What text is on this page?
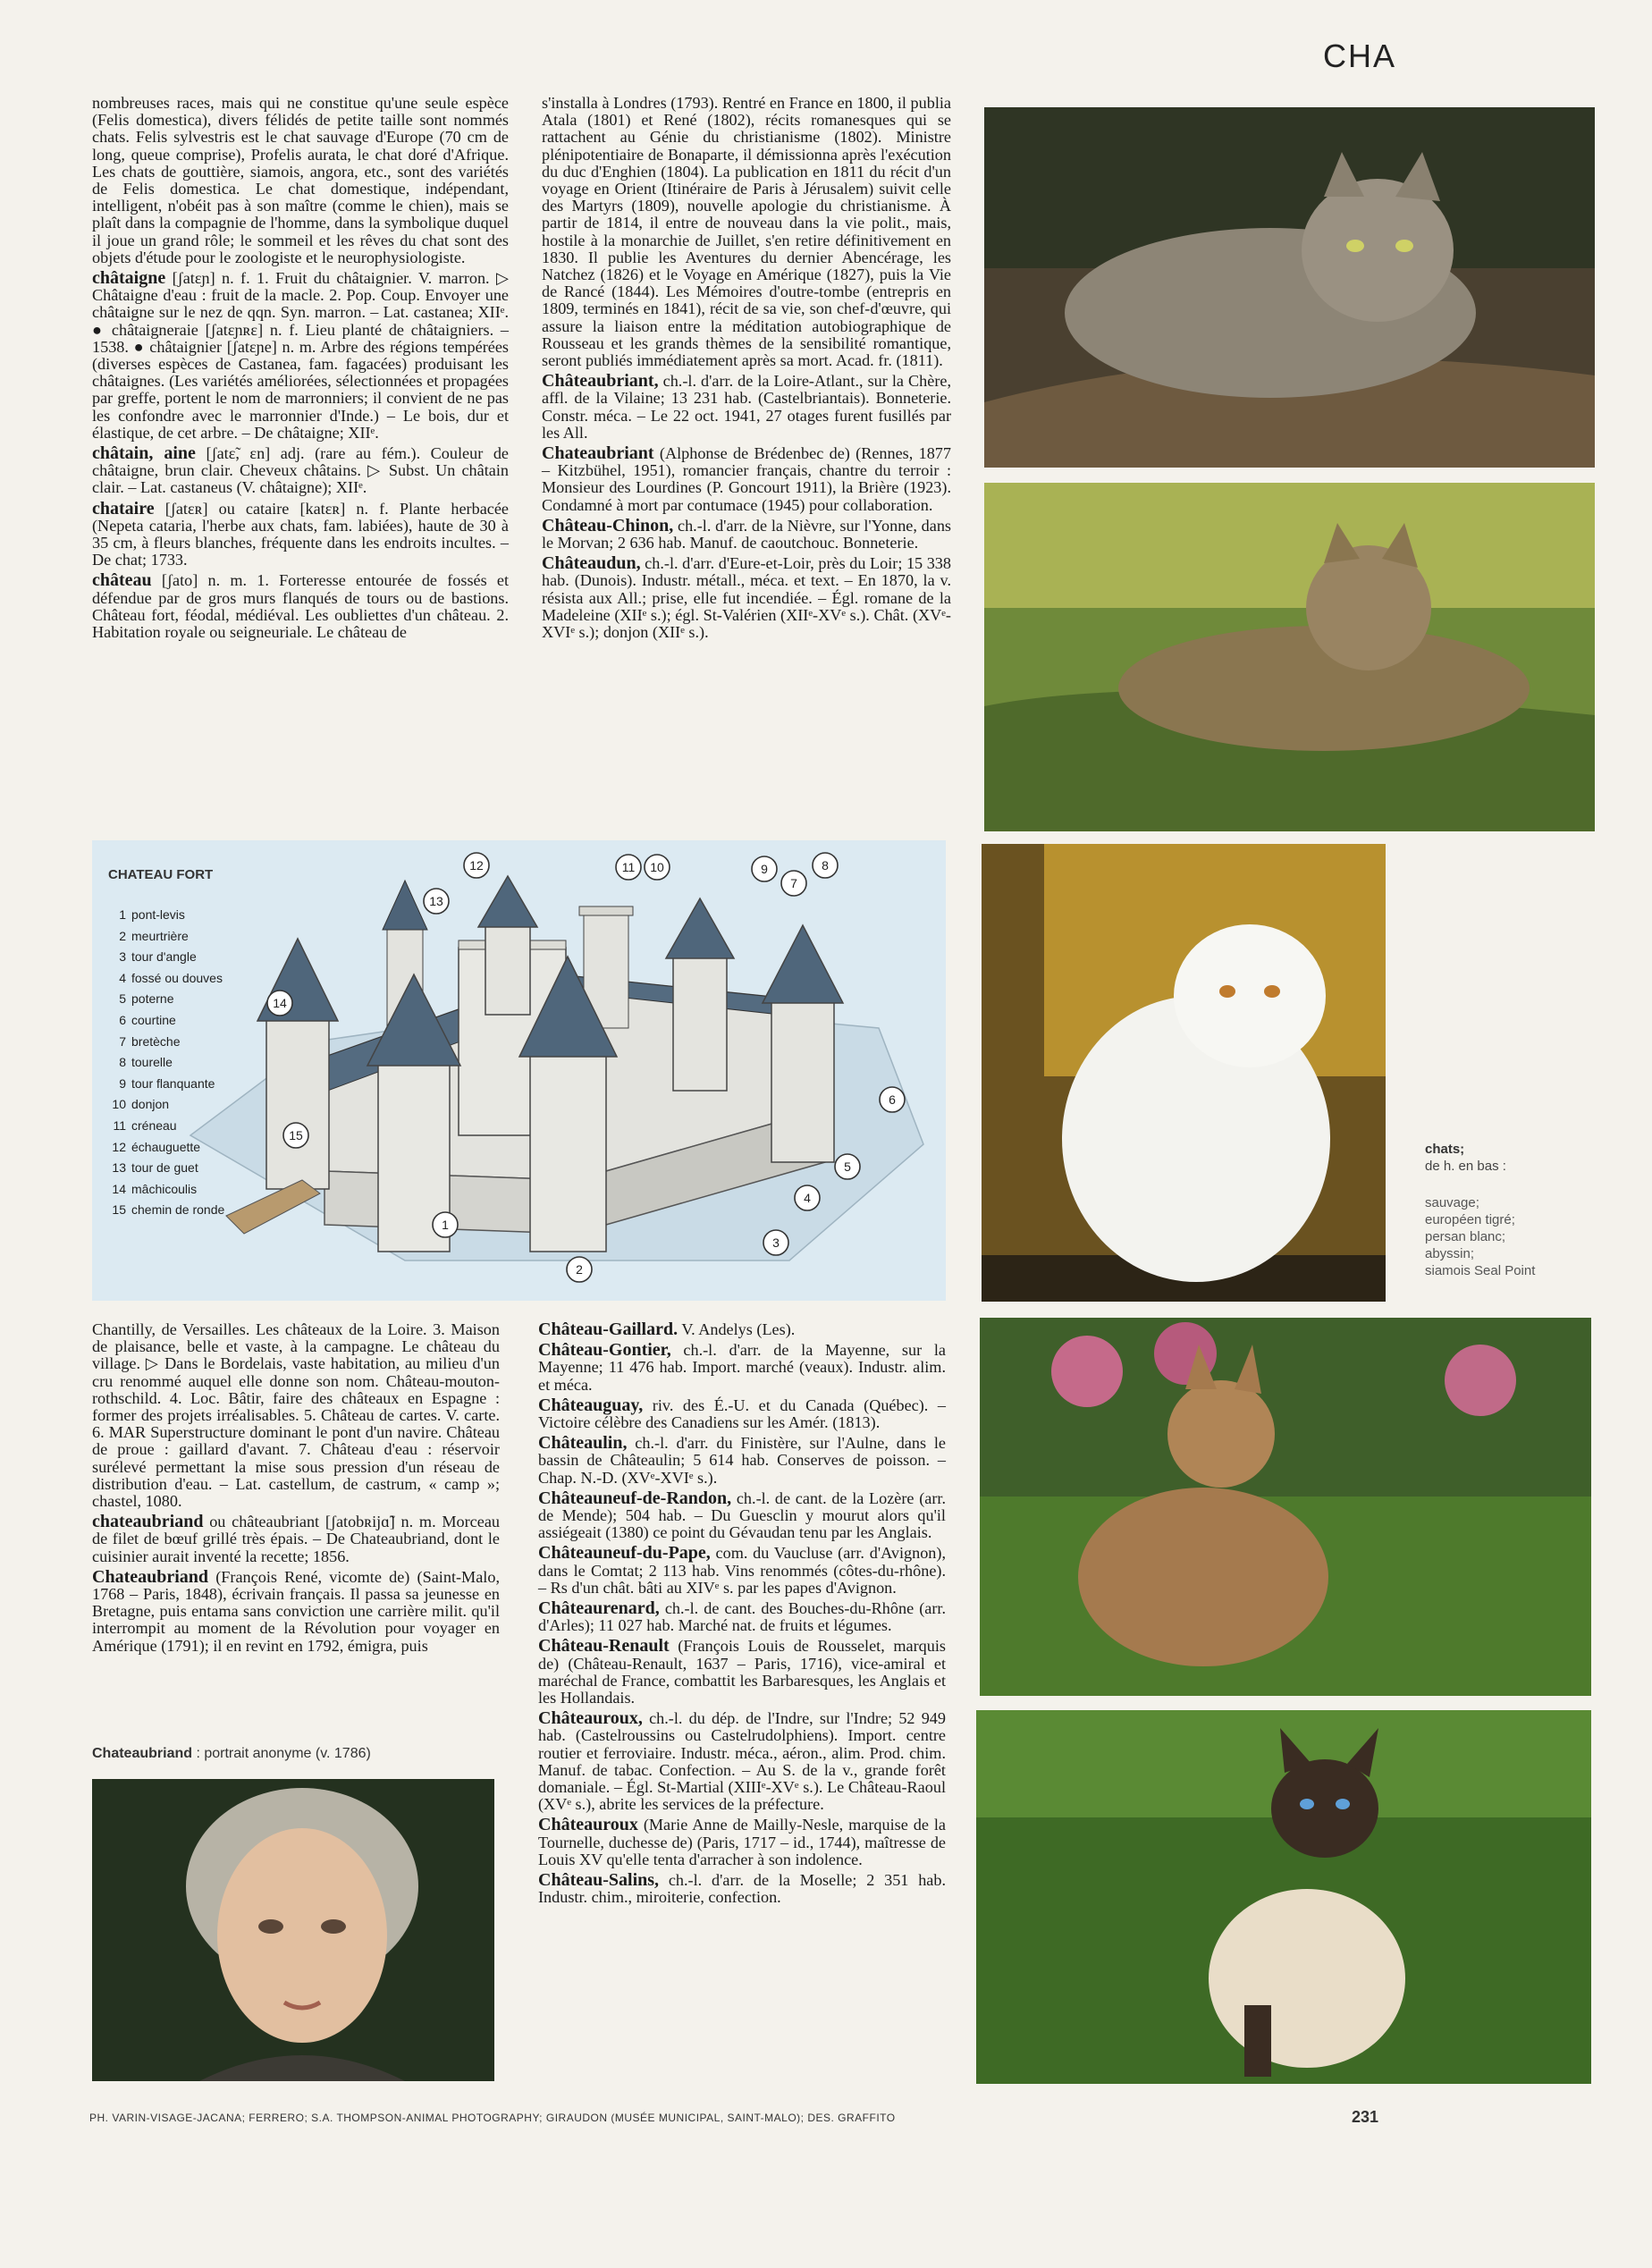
CHA

nombreuses races, mais qui ne constitue qu'une seule espèce (Felis domestica), divers félidés de petite taille sont nommés chats. Felis sylvestris est le chat sauvage d'Europe (70 cm de long, queue comprise), Profelis aurata, le chat doré d'Afrique. Les chats de gouttière, siamois, angora, etc., sont des variétés de Felis domestica. Le chat domestique, indépendant, intelligent, n'obéit pas à son maître (comme le chien), mais se plaît dans la compagnie de l'homme, dans la symbolique duquel il joue un grand rôle; le sommeil et les rêves du chat sont des objets d'étude pour le zoologiste et le neurophysiologiste.

châtaigne [ʃatɛɲ] n. f. 1. Fruit du châtaignier. V. marron. ▷ Châtaigne d'eau : fruit de la macle. 2. Pop. Coup. Envoyer une châtaigne sur le nez de qqn. Syn. marron. – Lat. castanea; XIIᵉ. ● châtaigneraie [ʃatɛɲʀɛ] n. f. Lieu planté de châtaigniers. – 1538. ● châtaignier [ʃatɛɲe] n. m. Arbre des régions tempérées (diverses espèces de Castanea, fam. fagacées) produisant les châtaignes. (Les variétés améliorées, sélectionnées et propagées par greffe, portent le nom de marronniers; il convient de ne pas les confondre avec le marronnier d'Inde.) – Le bois, dur et élastique, de cet arbre. – De châtaigne; XIIᵉ.

châtain, aine [ʃatɛ̃, ɛn] adj. (rare au fém.). Couleur de châtaigne, brun clair. Cheveux châtains. ▷ Subst. Un châtain clair. – Lat. castaneus (V. châtaigne); XIIᵉ.

chataire [ʃatɛʀ] ou cataire [katɛʀ] n. f. Plante herbacée (Nepeta cataria, l'herbe aux chats, fam. labiées), haute de 30 à 35 cm, à fleurs blanches, fréquente dans les endroits incultes. – De chat; 1733.

château [ʃato] n. m. 1. Forteresse entourée de fossés et défendue par de gros murs flanqués de tours ou de bastions. Château fort, féodal, médiéval. Les oubliettes d'un château. 2. Habitation royale ou seigneuriale. Le château de

s'installa à Londres (1793). Rentré en France en 1800, il publia Atala (1801) et René (1802), récits romanesques qui se rattachent au Génie du christianisme (1802). Ministre plénipotentiaire de Bonaparte, il démissionna après l'exécution du duc d'Enghien (1804). La publication en 1811 du récit d'un voyage en Orient (Itinéraire de Paris à Jérusalem) suivit celle des Martyrs (1809), nouvelle apologie du christianisme. À partir de 1814, il entre de nouveau dans la vie polit., mais, hostile à la monarchie de Juillet, s'en retire définitivement en 1830. Il publie les Aventures du dernier Abencérage, les Natchez (1826) et le Voyage en Amérique (1827), puis la Vie de Rancé (1844). Les Mémoires d'outre-tombe (entrepris en 1809, terminés en 1841), récit de sa vie, son chef-d'œuvre, qui assure la liaison entre la méditation autobiographique de Rousseau et les grands thèmes de la sensibilité romantique, seront publiés immédiatement après sa mort. Acad. fr. (1811).

Châteaubriant, ch.-l. d'arr. de la Loire-Atlant., sur la Chère, affl. de la Vilaine; 13 231 hab. (Castelbriantais). Bonneterie. Constr. méca. – Le 22 oct. 1941, 27 otages furent fusillés par les All.

Chateaubriant (Alphonse de Brédenbec de) (Rennes, 1877 – Kitzbühel, 1951), romancier français, chantre du terroir : Monsieur des Lourdines (P. Goncourt 1911), la Brière (1923). Condamné à mort par contumace (1945) pour collaboration.

Château-Chinon, ch.-l. d'arr. de la Nièvre, sur l'Yonne, dans le Morvan; 2 636 hab. Manuf. de caoutchouc. Bonneterie.

Châteaudun, ch.-l. d'arr. d'Eure-et-Loir, près du Loir; 15 338 hab. (Dunois). Industr. métall., méca. et text. – En 1870, la v. résista aux All.; prise, elle fut incendiée. – Égl. romane de la Madeleine (XIIᵉ s.); égl. St-Valérien (XIIᵉ-XVᵉ s.). Chât. (XVᵉ-XVIᵉ s.); donjon (XIIᵉ s.).

CHATEAU FORT
1 pont-levis
2 meurtrière
3 tour d'angle
4 fossé ou douves
5 poterne
6 courtine
7 bretèche
8 tourelle
9 tour flanquante
10 donjon
11 créneau
12 échauguette
13 tour de guet
14 mâchicoulis
15 chemin de ronde
1
2
3
4
5
6
7
8
9
10
11
12
13
14
15

Chantilly, de Versailles. Les châteaux de la Loire. 3. Maison de plaisance, belle et vaste, à la campagne. Le château du village. ▷ Dans le Bordelais, vaste habitation, au milieu d'un cru renommé auquel elle donne son nom. Château-mouton-rothschild. 4. Loc. Bâtir, faire des châteaux en Espagne : former des projets irréalisables. 5. Château de cartes. V. carte. 6. MAR Superstructure dominant le pont d'un navire. Château de proue : gaillard d'avant. 7. Château d'eau : réservoir surélevé permettant la mise sous pression d'un réseau de distribution d'eau. – Lat. castellum, de castrum, « camp »; chastel, 1080.

chateaubriand ou châteaubriant [ʃatobʀijɑ̃] n. m. Morceau de filet de bœuf grillé très épais. – De Chateaubriand, dont le cuisinier aurait inventé la recette; 1856.

Chateaubriand (François René, vicomte de) (Saint-Malo, 1768 – Paris, 1848), écrivain français. Il passa sa jeunesse en Bretagne, puis entama sans conviction une carrière milit. qu'il interrompit au moment de la Révolution pour voyager en Amérique (1791); il en revint en 1792, émigra, puis

Chateaubriand : portrait anonyme (v. 1786)

Château-Gaillard. V. Andelys (Les).

Château-Gontier, ch.-l. d'arr. de la Mayenne, sur la Mayenne; 11 476 hab. Import. marché (veaux). Industr. alim. et méca.

Châteauguay, riv. des É.-U. et du Canada (Québec). – Victoire célèbre des Canadiens sur les Amér. (1813).

Châteaulin, ch.-l. d'arr. du Finistère, sur l'Aulne, dans le bassin de Châteaulin; 5 614 hab. Conserves de poisson. – Chap. N.-D. (XVᵉ-XVIᵉ s.).

Châteauneuf-de-Randon, ch.-l. de cant. de la Lozère (arr. de Mende); 504 hab. – Du Guesclin y mourut alors qu'il assiégeait (1380) ce point du Gévaudan tenu par les Anglais.

Châteauneuf-du-Pape, com. du Vaucluse (arr. d'Avignon), dans le Comtat; 2 113 hab. Vins renommés (côtes-du-rhône). – Rs d'un chât. bâti au XIVᵉ s. par les papes d'Avignon.

Châteaurenard, ch.-l. de cant. des Bouches-du-Rhône (arr. d'Arles); 11 027 hab. Marché nat. de fruits et légumes.

Château-Renault (François Louis de Rousselet, marquis de) (Château-Renault, 1637 – Paris, 1716), vice-amiral et maréchal de France, combattit les Barbaresques, les Anglais et les Hollandais.

Châteauroux, ch.-l. du dép. de l'Indre, sur l'Indre; 52 949 hab. (Castelroussins ou Castelrudolphiens). Import. centre routier et ferroviaire. Industr. méca., aéron., alim. Prod. chim. Manuf. de tabac. Confection. – Au S. de la v., grande forêt domaniale. – Égl. St-Martial (XIIIᵉ-XVᵉ s.). Le Château-Raoul (XVᵉ s.), abrite les services de la préfecture.

Châteauroux (Marie Anne de Mailly-Nesle, marquise de la Tournelle, duchesse de) (Paris, 1717 – id., 1744), maîtresse de Louis XV qu'elle tenta d'arracher à son indolence.

Château-Salins, ch.-l. d'arr. de la Moselle; 2 351 hab. Industr. chim., miroiterie, confection.

chats;
de h. en bas :
sauvage;
européen tigré;
persan blanc;
abyssin;
siamois Seal Point
PH. VARIN-VISAGE-JACANA; FERRERO; S.A. THOMPSON-ANIMAL PHOTOGRAPHY; GIRAUDON (MUSÉE MUNICIPAL, SAINT-MALO); DES. GRAFFITO	231
